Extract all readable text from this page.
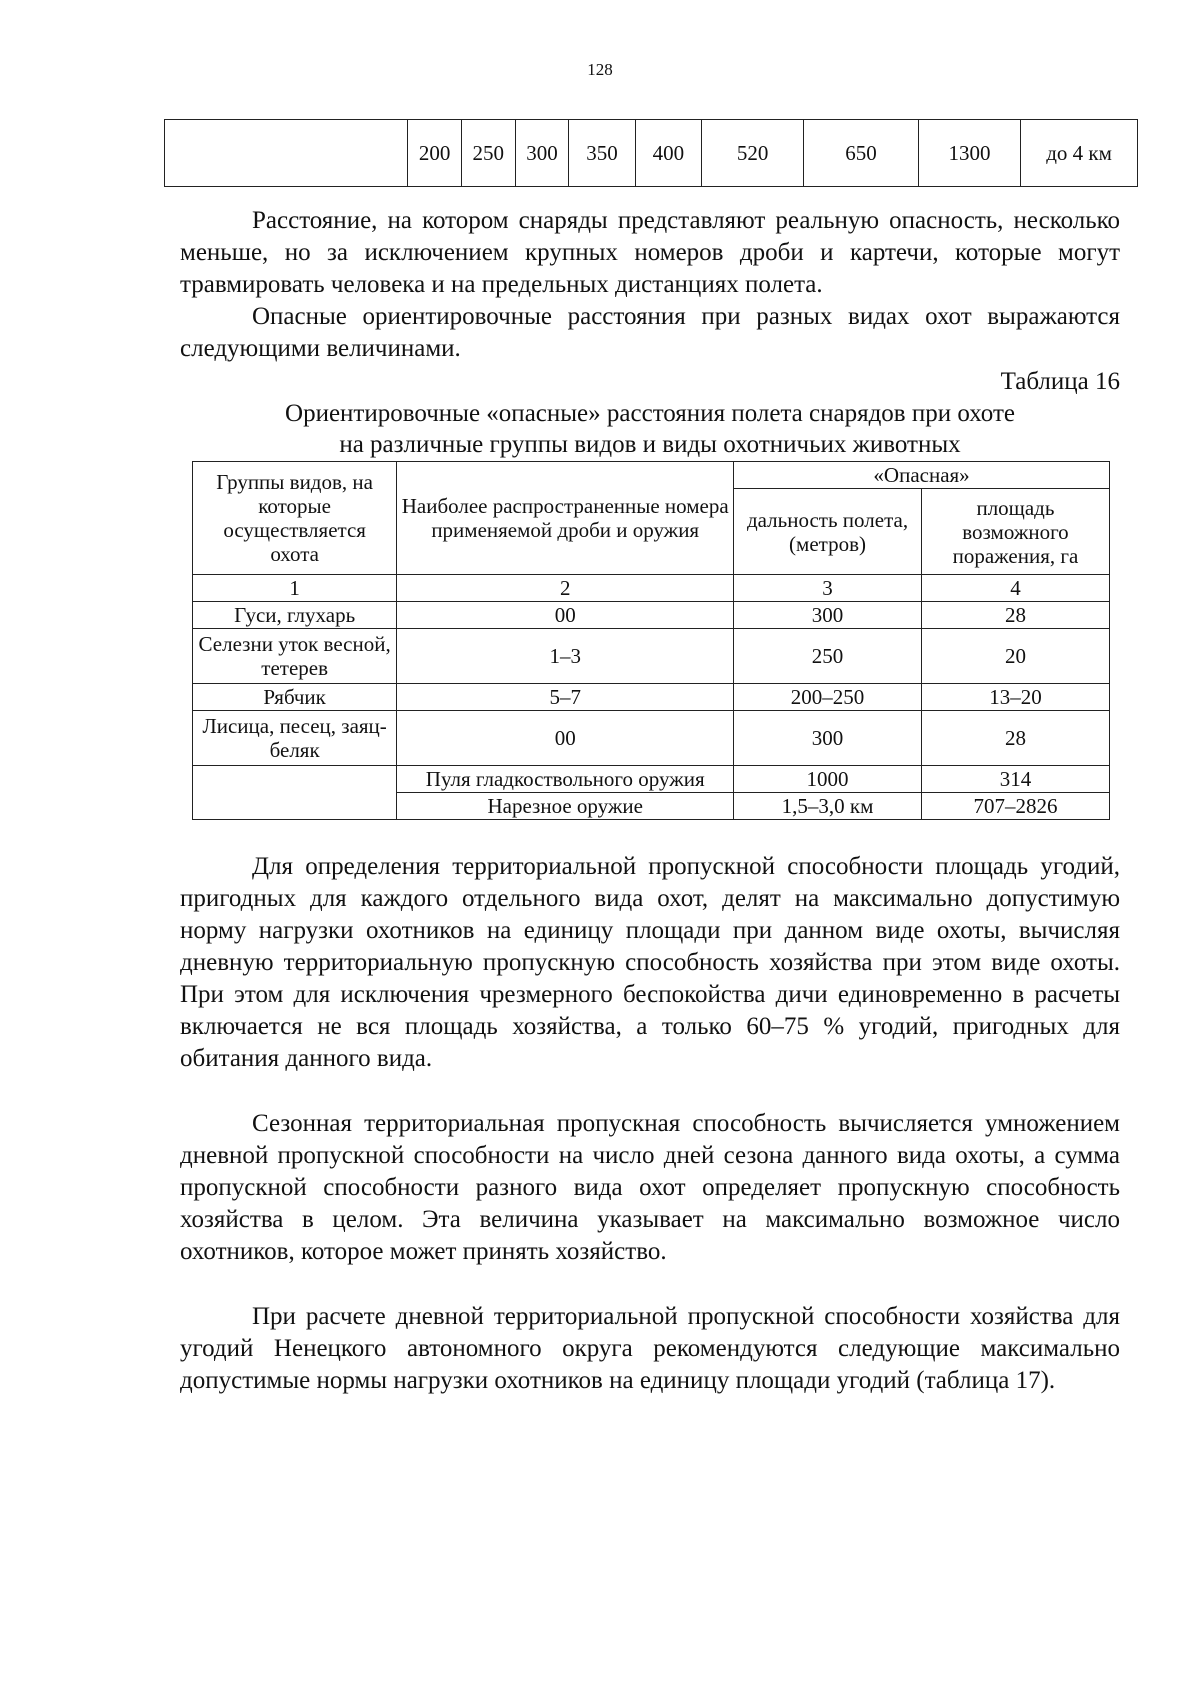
128
	200	250	300	350	400	520	650	1300	до 4 км

Расстояние, на котором снаряды представляют реальную опасность, несколько меньше, но за исключением крупных номеров дроби и картечи, которые могут травмировать человека и на предельных дистанциях полета.

Опасные ориентировочные расстояния при разных видах охот выражаются следующими величинами.

Таблица 16
Ориентировочные «опасные» расстояния полета снарядов при охоте
на различные группы видов и виды охотничьих животных
Группы видов, на которые осуществляется охота	Наиболее распространенные номера применяемой дроби и оружия	«Опасная»	
		дальность полета, (метров)	площадь возможного поражения, га
1	2	3	4
Гуси, глухарь	00	300	28
Селезни уток весной, тетерев	1–3	250	20
Рябчик	5–7	200–250	13–20
Лисица, песец, заяц-беляк	00	300	28
	Пуля гладкоствольного оружия	1000	314
	Нарезное оружие	1,5–3,0 км	707–2826

Для определения территориальной пропускной способности площадь угодий, пригодных для каждого отдельного вида охот, делят на максимально допустимую норму нагрузки охотников на единицу площади при данном виде охоты, вычисляя дневную территориальную пропускную способность хозяйства при этом виде охоты. При этом для исключения чрезмерного беспокойства дичи единовременно в расчеты включается не вся площадь хозяйства, а только 60–75 % угодий, пригодных для обитания данного вида.

Сезонная территориальная пропускная способность вычисляется умножением дневной пропускной способности на число дней сезона данного вида охоты, а сумма пропускной способности разного вида охот определяет пропускную способность хозяйства в целом. Эта величина указывает на максимально возможное число охотников, которое может принять хозяйство.

При расчете дневной территориальной пропускной способности хозяйства для угодий Ненецкого автономного округа рекомендуются следующие максимально допустимые нормы нагрузки охотников на единицу площади угодий (таблица 17).
